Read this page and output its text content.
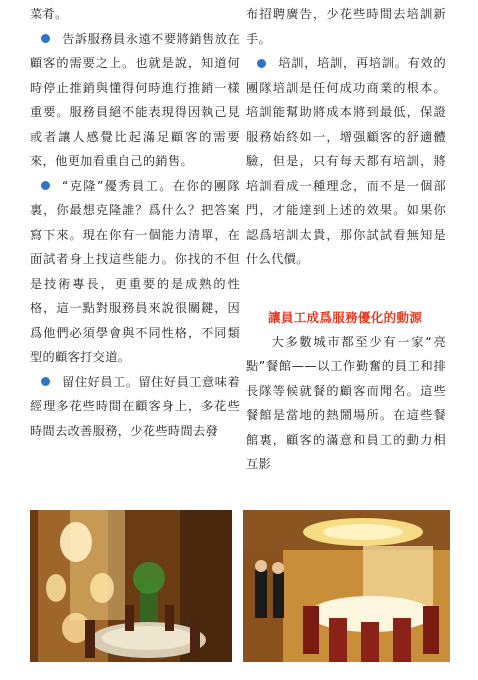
菜肴。

告訴服務員永遠不要將銷售放在顧客的需要之上。也就是說，知道何時停止推銷與懂得何時進行推銷一樣重要。服務員絕不能表現得因執己見或者讓人感覺比起滿足顧客的需要來，他更加看重自己的銷售。

“克隆”優秀員工。在你的團隊裏，你最想克隆誰？爲什么？把答案寫下來。現在你有一個能力清單，在面試者身上找這些能力。你找的不但是技術專長，更重要的是成熟的性格，這一點對服務員來說很關鍵，因爲他們必須學會與不同性格，不同類型的顧客打交道。

留住好員工。留住好員工意味着經理多花些時間在顧客身上，多花些時間去改善服務，少花些時間去發

布招聘廣告，少花些時間去培訓新手。

培訓，培訓，再培訓。有效的團隊培訓是任何成功商業的根本。培訓能幫助將成本將到最低，保證服務始終如一，增强顧客的舒適體驗，但是，只有每天都有培訓，將培訓看成一種理念，而不是一個部門，才能達到上述的效果。如果你認爲培訓太貴，那你試試看無知是什么代價。

讓員工成爲服務優化的動源

大多數城市都至少有一家“亮點”餐館——以工作勤奮的員工和排長隊等候就餐的顧客而聞名。這些餐館是當地的熱鬧場所。在這些餐館裏，顧客的滿意和員工的動力相互影
